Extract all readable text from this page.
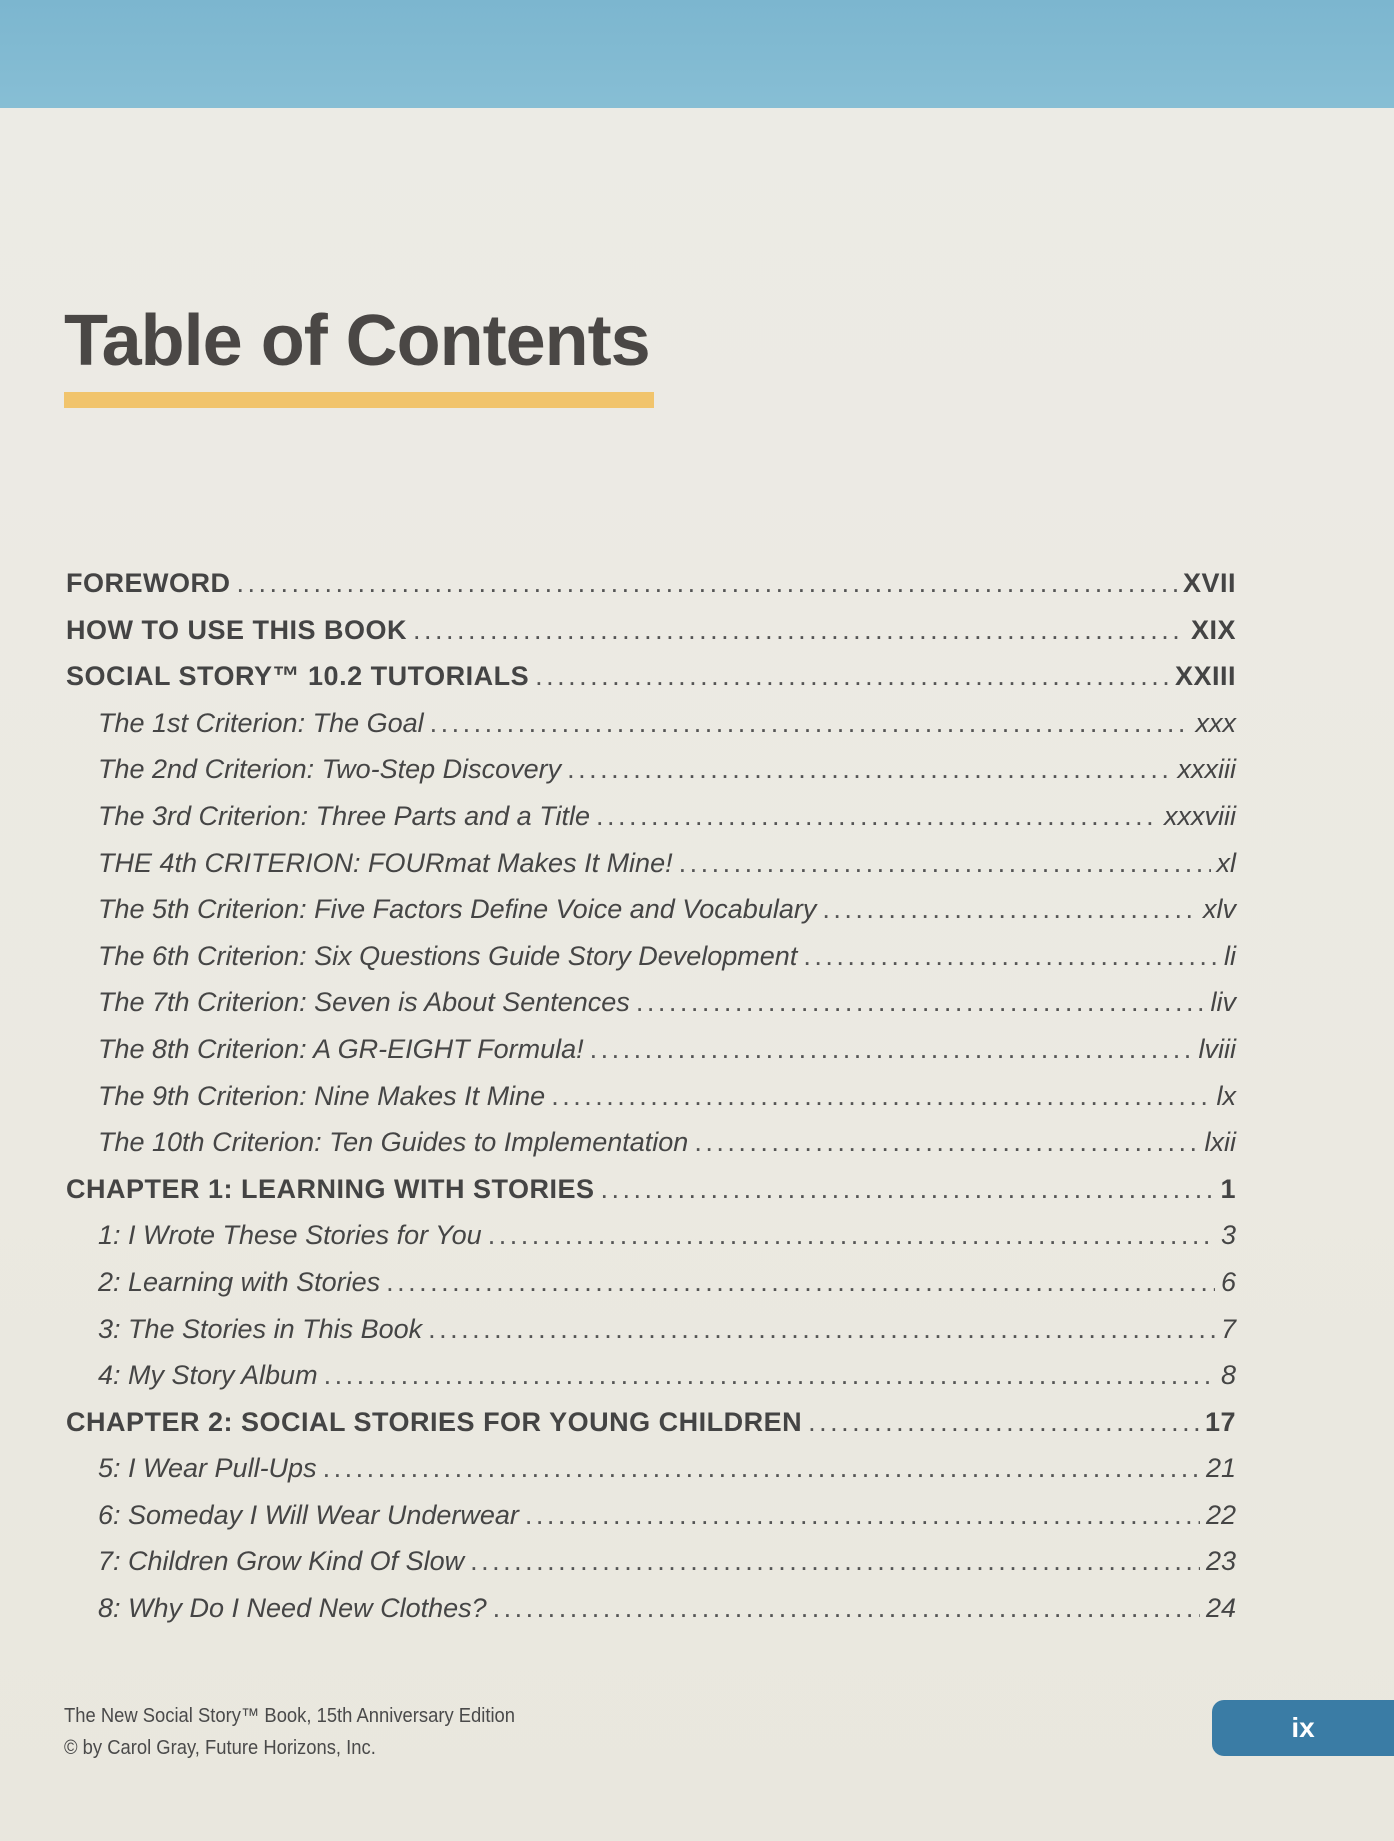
Table of Contents
FOREWORD . . .	XVII
HOW TO USE THIS BOOK . . .	XIX
SOCIAL STORY™ 10.2 TUTORIALS . . .	XXIII
The 1st Criterion: The Goal . . .	xxx
The 2nd Criterion: Two-Step Discovery . . .	xxxiii
The 3rd Criterion: Three Parts and a Title . . .	xxxviii
THE 4th CRITERION: FOURmat Makes It Mine! . . .	xl
The 5th Criterion: Five Factors Define Voice and Vocabulary . . .	xlv
The 6th Criterion: Six Questions Guide Story Development . . .	li
The 7th Criterion: Seven is About Sentences . . .	liv
The 8th Criterion: A GR-EIGHT Formula! . . .	lviii
The 9th Criterion: Nine Makes It Mine . . .	lx
The 10th Criterion: Ten Guides to Implementation . . .	lxii
CHAPTER 1: LEARNING WITH STORIES . . .	1
1: I Wrote These Stories for You . . .	3
2: Learning with Stories . . .	6
3: The Stories in This Book . . .	7
4: My Story Album . . .	8
CHAPTER 2: SOCIAL STORIES FOR YOUNG CHILDREN . . .	17
5: I Wear Pull-Ups . . .	21
6: Someday I Will Wear Underwear . . .	22
7: Children Grow Kind Of Slow . . .	23
8: Why Do I Need New Clothes? . . .	24
The New Social Story™ Book, 15th Anniversary Edition
© by Carol Gray, Future Horizons, Inc.
ix
